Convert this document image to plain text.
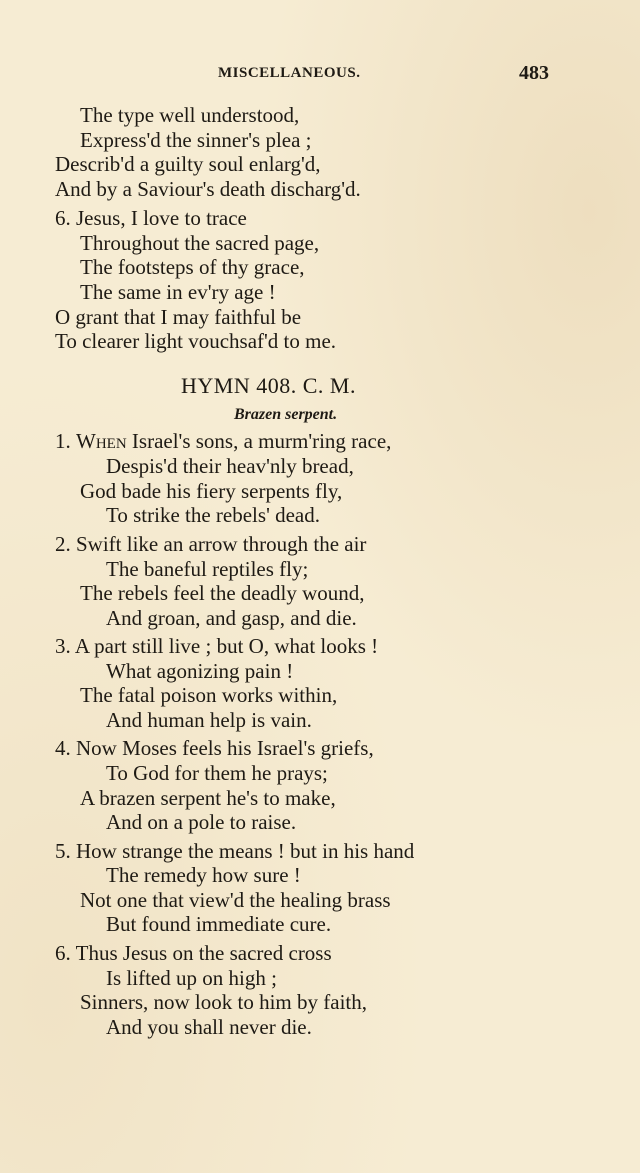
MISCELLANEOUS.	483
The type well understood,
Express'd the sinner's plea ;
Describ'd a guilty soul enlarg'd,
And by a Saviour's death discharg'd.
6. Jesus, I love to trace
Throughout the sacred page,
The footsteps of thy grace,
The same in ev'ry age !
O grant that I may faithful be
To clearer light vouchsaf'd to me.
HYMN 408. C. M.
Brazen serpent.
1. When Israel's sons, a murm'ring race,
Despis'd their heav'nly bread,
God bade his fiery serpents fly,
To strike the rebels' dead.
2. Swift like an arrow through the air
The baneful reptiles fly;
The rebels feel the deadly wound,
And groan, and gasp, and die.
3. A part still live ; but O, what looks !
What agonizing pain !
The fatal poison works within,
And human help is vain.
4. Now Moses feels his Israel's griefs,
To God for them he prays;
A brazen serpent he's to make,
And on a pole to raise.
5. How strange the means ! but in his hand
The remedy how sure !
Not one that view'd the healing brass
But found immediate cure.
6. Thus Jesus on the sacred cross
Is lifted up on high ;
Sinners, now look to him by faith,
And you shall never die.
